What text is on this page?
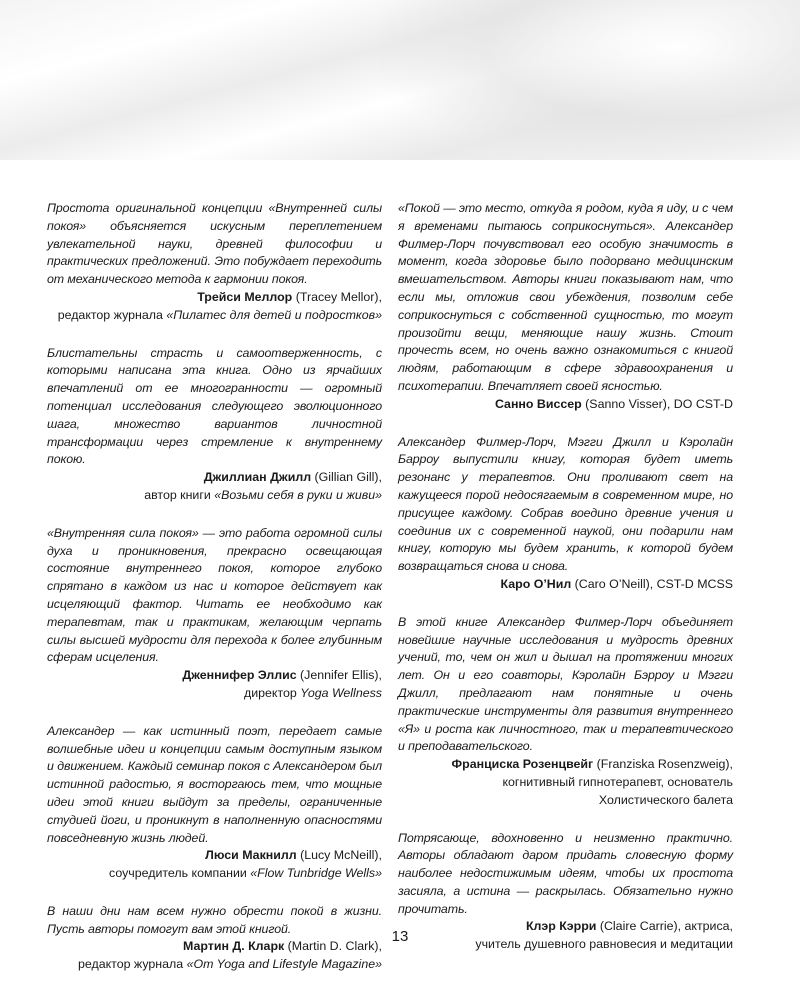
Простота оригинальной концепции «Внутренней силы покоя» объясняется искусным переплетением увлекательной науки, древней философии и практических предложений. Это побуждает переходить от механического метода к гармонии покоя.

Трейси Меллор (Tracey Mellor),
редактор журнала «Пилатес для детей и подростков»

Блистательны страсть и самоотверженность, с которыми написана эта книга. Одно из ярчайших впечатлений от ее многогранности — огромный потенциал исследования следующего эволюционного шага, множество вариантов личностной трансформации через стремление к внутреннему покою.

Джиллиан Джилл (Gillian Gill),
автор книги «Возьми себя в руки и живи»

«Внутренняя сила покоя» — это работа огромной силы духа и проникновения, прекрасно освещающая состояние внутреннего покоя, которое глубоко спрятано в каждом из нас и которое действует как исцеляющий фактор. Читать ее необходимо как терапевтам, так и практикам, желающим черпать силы высшей мудрости для перехода к более глубинным сферам исцеления.

Дженнифер Эллис (Jennifer Ellis),
директор Yoga Wellness

Александер — как истинный поэт, передает самые волшебные идеи и концепции самым доступным языком и движением. Каждый семинар покоя с Александером был истинной радостью, я восторгаюсь тем, что мощные идеи этой книги выйдут за пределы, ограниченные студией йоги, и проникнут в наполненную опасностями повседневную жизнь людей.

Люси Макнилл (Lucy McNeill),
соучредитель компании «Flow Tunbridge Wells»

В наши дни нам всем нужно обрести покой в жизни. Пусть авторы помогут вам этой книгой.

Мартин Д. Кларк (Martin D. Clark),
редактор журнала «Om Yoga and Lifestyle Magazine»

«Покой — это место, откуда я родом, куда я иду, и с чем я временами пытаюсь соприкоснуться». Александер Филмер-Лорч почувствовал его особую значимость в момент, когда здоровье было подорвано медицинским вмешательством. Авторы книги показывают нам, что если мы, отложив свои убеждения, позволим себе соприкоснуться с собственной сущностью, то могут произойти вещи, меняющие нашу жизнь. Стоит прочесть всем, но очень важно ознакомиться с книгой людям, работающим в сфере здравоохранения и психотерапии. Впечатляет своей ясностью.

Санно Виссер (Sanno Visser), DO CST-D

Александер Филмер-Лорч, Мэгги Джилл и Кэролайн Барроу выпустили книгу, которая будет иметь резонанс у терапевтов. Они проливают свет на кажущееся порой недосягаемым в современном мире, но присущее каждому. Собрав воедино древние учения и соединив их с современной наукой, они подарили нам книгу, которую мы будем хранить, к которой будем возвращаться снова и снова.

Каро О’Нил (Caro O’Neill), CST-D MCSS

В этой книге Александер Филмер-Лорч объединяет новейшие научные исследования и мудрость древних учений, то, чем он жил и дышал на протяжении многих лет. Он и его соавторы, Кэролайн Бэрроу и Мэгги Джилл, предлагают нам понятные и очень практические инструменты для развития внутреннего «Я» и роста как личностного, так и терапевтического и преподавательского.

Франциска Розенцвейг (Franziska Rosenzweig),
когнитивный гипнотерапевт, основатель
Холистического балета

Потрясающе, вдохновенно и неизменно практично. Авторы обладают даром придать словесную форму наиболее недостижимым идеям, чтобы их простота засияла, а истина — раскрылась. Обязательно нужно прочитать.

Клэр Кэрри (Claire Carrie), актриса,
учитель душевного равновесия и медитации

13
